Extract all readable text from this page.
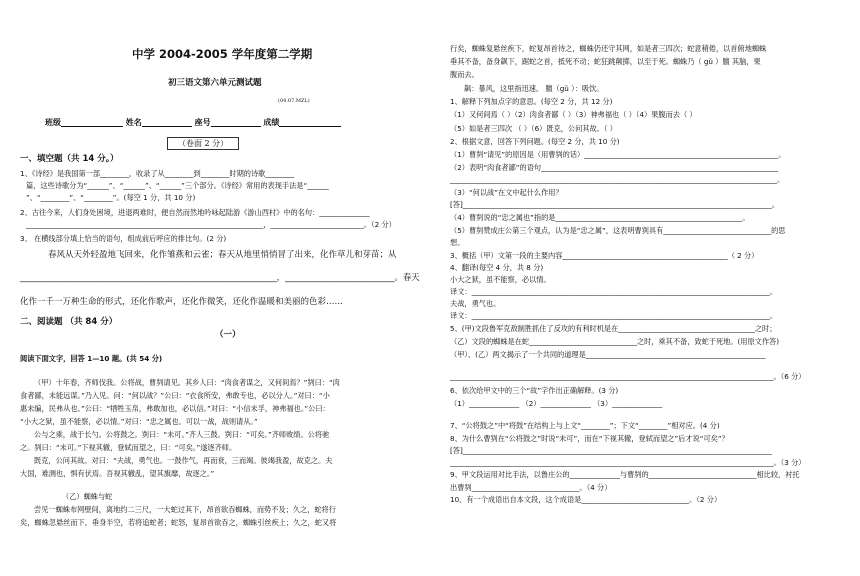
中学 2004-2005 学年度第二学期
初三语文第六单元测试题
(04.07.MZL)
班级	姓名	座号	成绩
（卷面 2 分）
一、填空题（共 14 分。）
1、《诗经》是我国第一部________，收录了从________到________时期的诗歌________
篇，这些诗歌分为“______”、“______”、“______”三个部分。《诗经》常用的表现手法是“______
”、“________”、“________”。(每空 1 分，共 10 分)
2、古往今来，人们身处困境，进退两难时，便自然而然地吟咏起陆游《游山西村》中的名句：______________
__________________________________________________________________，__________________________。（2 分）
3、 在横线部分填上恰当的语句，组成前后呼应的排比句。(2 分)
春风从天外轻盈地飞回来，化作雏燕和云雀；春天从地里悄悄冒了出来，化作草儿和芽苗；从
_____________________________________________________________，__________________________。春天
化作一千一万种生命的形式，还化作歌声，还化作微笑，还化作温暖和美丽的色彩……
二、阅读题 （共 84 分）
（一）
阅读下面文字，回答 1—10 题。(共 54 分)
（甲）十年春，齐师伐我。公将战，曹刿请见。其乡人曰：“肉食者谋之，又何间焉？”刿曰：“肉
食者鄙，未能远谋。”乃入见。问：“何以战？”公曰：“衣食所安，弗敢专也，必以分人。”对曰：“小
惠未编，民弗从也。”公曰：“牺牲玉帛，弗敢加也，必以信。”对曰：“小信未孚，神弗福也。”公曰：
“小大之狱，虽不能察，必以情。”对曰：“忠之属也。可以一战，战则请从。”
公与之乘，战于长勺。公将鼓之。刿曰：“未可。”齐人三鼓。刿曰：“可矣。”齐师败绩。公将驰
之。刿曰：“未可。”下视其辙，登轼而望之，曰：“可矣。”遂逐齐师。
既克，公问其故。对曰：“夫战，勇气也。一鼓作气，再而衰，三而竭。彼竭我盈，故克之。夫
大国，难测也，惧有伏焉。吾视其辙乱，望其旗靡，故逐之。”
（乙）蜘蛛与蛇
尝见一蜘蛛布网壁间，离地约二三尺，一大蛇过其下，昂首欲吞蜘蛛，而势不及；久之，蛇将行
矣，蜘蛛忽悬丝而下，垂身半空，若将追蛇者；蛇怒，复昂首欲吞之，蜘蛛引丝疾上；久之，蛇又将
行矣，蜘蛛复悬丝疾下，蛇复昂首待之，蜘蛛仍还守其网，如是者三四次；蛇意稍倦，以首俯地蜘蛛
垂其不备，备身飙下，踞蛇之首，抵死不动；蛇狂跳颠掷，以至于死。蜘蛛乃（ gǔ ）膻 其脑，果
腹而去。
飙：暴风，这里指迅速。 膻（gǔ ）：吸饮。
1、解释下列加点字的意思。(每空 2 分，共 12 分)
（1）又何间焉（ ）（2）肉食者鄙（ ）（3）神弗福也（ ）（4）果腹而去（ ）
（5）如是者三四次 （ ）（6）既克，公问其故。（ ）
2、根据文意，回答下列问题。(每空 2 分，共 10 分)
（1）曹刿“请见”的原因是（用曹刿的话）______________________________________________________。
（2）表明“肉食者鄙”的语句__________________________________________________________________
___________________________________________________________________________________________。
（3）“何以战”在文中起什么作用？
[答]______________________________________________________________________________________。
（4）曹刿说的“忠之属也”指的是____________________________________________________。
（5）曹刿赞成庄公第三个观点，认为是“忠之属”，这表明曹刿具有______________________________的思
想。
3、概括（甲）文第一段的主要内容______________________________________________（ 2 分）
4、翻译(每空 4 分，共 8 分)
小大之狱，虽不能察，必以情。
译文：___________________________________________________________________________________。
夫战，勇气也。
译文：___________________________________________________________________________________。
5、(甲)文段鲁军克敌制胜抓住了反攻的有利时机是在______________________________________之时；
（乙）文段的蜘蛛是在蛇______________________________之时，乘其不备，致蛇于死地。(用原文作答)
（甲）、(乙）两文揭示了一个共同的道理是__________________________________________________
__________________________________________________________________________________________。（6 分）
6、依次给甲文中的三个“故”字作出正确解释。(3 分)
（1）______________ （2）______________ （3）______________
7、“公将鼓之”中“将鼓”在结构上与上文“________”；下文“________”相对应。(4 分)
8、为什么曹刿在“公将鼓之”时说“未可”，而在“下视其辙，登轼而望之”后才说“可矣”？
[答]______________________________________________________________________________________
__________________________________________________________________________________________。（3 分）
9、甲文段运用对比手法，以鲁庄公的______________与曹刿的______________________________相比较，衬托
出曹刿______________________________。（4 分）
10、有一个成语出自本文段，这个成语是______________________________。（2 分）
